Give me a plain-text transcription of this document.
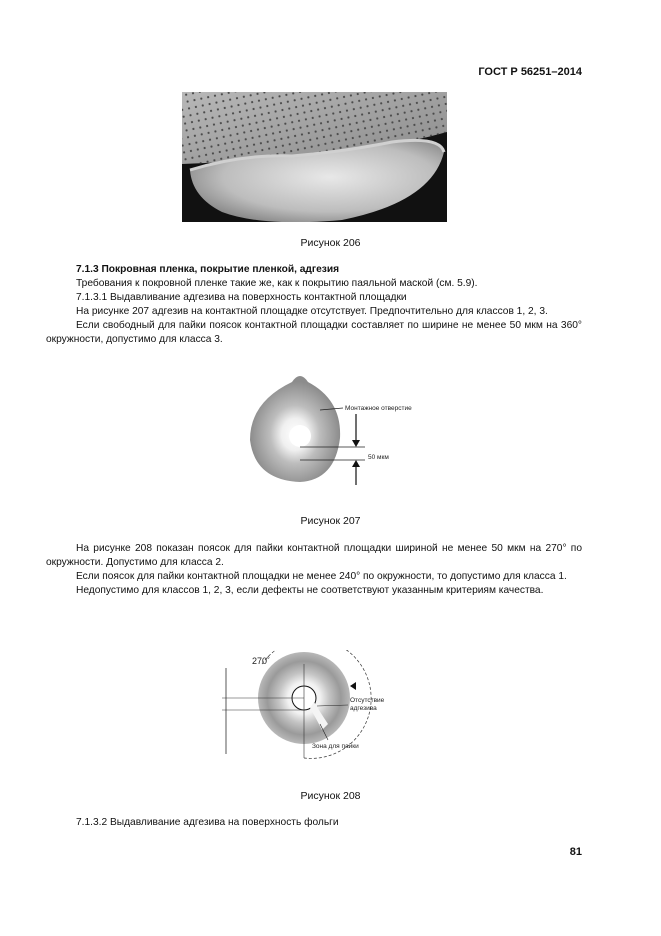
ГОСТ Р 56251–2014
Рисунок 206

7.1.3 Покровная пленка, покрытие пленкой, адгезия

Требования к покровной пленке такие же, как к покрытию паяльной маской (см. 5.9).

7.1.3.1 Выдавливание адгезива на поверхность контактной площадки

На рисунке 207 адгезив на контактной площадке отсутствует. Предпочтительно для классов 1, 2, 3.

Если свободный для пайки поясок контактной площадки составляет по ширине не менее 50 мкм на 360° окружности, допустимо для класса 3.

Монтажное отверстие
50 мкм
Рисунок 207

На рисунке 208 показан поясок для пайки контактной площадки шириной не менее 50 мкм на 270° по окружности. Допустимо для класса 2.

Если поясок для пайки контактной площадки не менее 240° по окружности, то допустимо для класса 1.

Недопустимо для классов 1, 2, 3, если дефекты не соответствуют указанным критериям качества.

270˚
Отсутствие
адгезива
Зона для пайки
Рисунок 208

7.1.3.2 Выдавливание адгезива на поверхность фольги

81
